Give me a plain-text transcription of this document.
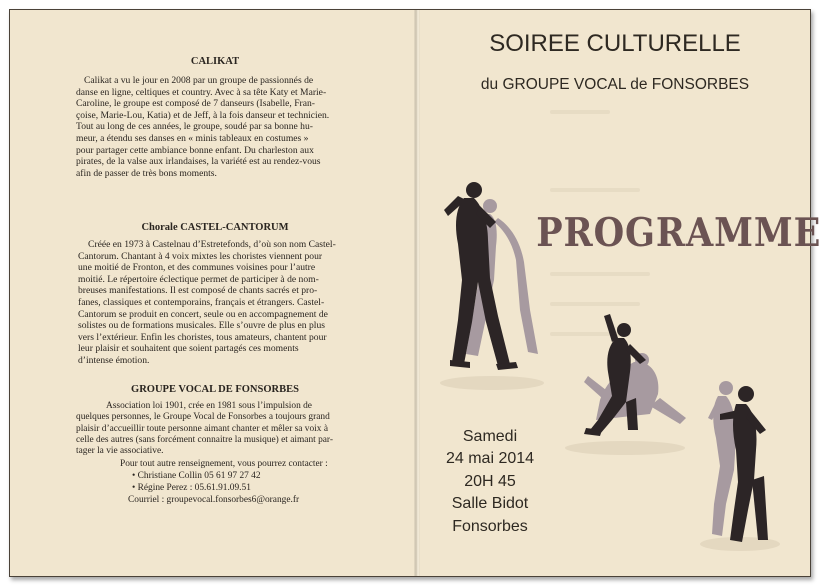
CALIKAT

Calikat a vu le jour en 2008 par un groupe de passionnés de
danse en ligne, celtiques et country. Avec à sa tête Katy et Marie-
Caroline, le groupe est composé de 7 danseurs (Isabelle, Fran-
çoise, Marie-Lou, Katia) et de Jeff, à la fois danseur et technicien.
Tout au long de ces années, le groupe, soudé par sa bonne hu-
meur, a étendu ses danses en « minis tableaux en costumes »
pour partager cette ambiance bonne enfant. Du charleston aux
pirates, de la valse aux irlandaises, la variété est au rendez-vous
afin de passer de très bons moments.

Chorale CASTEL-CANTORUM

Créée en 1973 à Castelnau d’Estretefonds, d’où son nom Castel-
Cantorum. Chantant à 4 voix mixtes les choristes viennent pour
une moitié de Fronton, et des communes voisines pour l’autre
moitié. Le répertoire éclectique permet de participer à de nom-
breuses manifestations. Il est composé de chants sacrés et pro-
fanes, classiques et contemporains, français et étrangers. Castel-
Cantorum se produit en concert, seule ou en accompagnement de
solistes ou de formations musicales. Elle s’ouvre de plus en plus
vers l’extérieur. Enfin les choristes, tous amateurs, chantent pour
leur plaisir et souhaitent que soient partagés ces moments
d’intense émotion.

GROUPE VOCAL DE FONSORBES

Association loi 1901, crée en 1981 sous l’impulsion de
quelques personnes, le Groupe Vocal de Fonsorbes a toujours grand
plaisir d’accueillir toute personne aimant chanter et mêler sa voix à
celle des autres (sans forcément connaitre la musique) et aimant par-
tager la vie associative.

Pour tout autre renseignement, vous pourrez contacter :
• Christiane Collin 05 61 97 27 42
• Régine Perez : 05.61.91.09.51
Courriel : groupevocal.fonsorbes6@orange.fr
SOIREE CULTURELLE
du GROUPE VOCAL de FONSORBES
PROGRAMME
Samedi
24 mai 2014
20H 45
Salle Bidot
Fonsorbes
